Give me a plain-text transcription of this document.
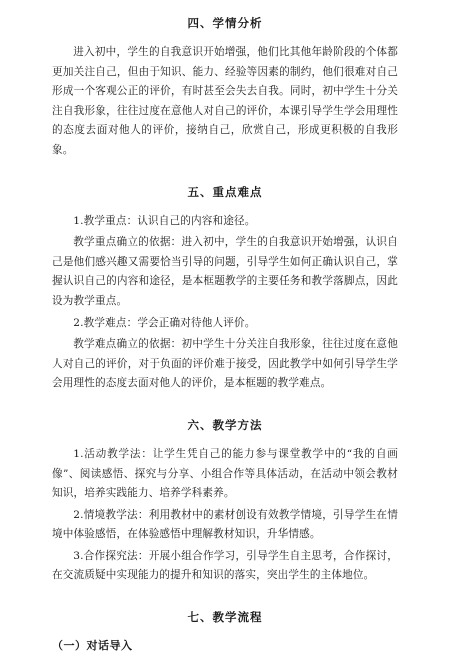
四、学情分析

进入初中，学生的自我意识开始增强，他们比其他年龄阶段的个体都更加关注自己，但由于知识、能力、经验等因素的制约，他们很难对自己形成一个客观公正的评价，有时甚至会失去自我。同时，初中学生十分关注自我形象，往往过度在意他人对自己的评价，本课引导学生学会用理性的态度去面对他人的评价，接纳自己，欣赏自己，形成更积极的自我形象。

五、重点难点

1.教学重点：认识自己的内容和途径。

教学重点确立的依据：进入初中，学生的自我意识开始增强，认识自己是他们感兴趣又需要恰当引导的问题，引导学生如何正确认识自己，掌握认识自己的内容和途径，是本框题教学的主要任务和教学落脚点，因此设为教学重点。

2.教学难点：学会正确对待他人评价。

教学难点确立的依据：初中学生十分关注自我形象，往往过度在意他人对自己的评价，对于负面的评价难于接受，因此教学中如何引导学生学会用理性的态度去面对他人的评价，是本框题的教学难点。

六、教学方法

1.活动教学法：让学生凭自己的能力参与课堂教学中的“我的自画像”、阅读感悟、探究与分享、小组合作等具体活动，在活动中领会教材知识，培养实践能力、培养学科素养。

2.情境教学法：利用教材中的素材创设有效教学情境，引导学生在情境中体验感悟，在体验感悟中理解教材知识，升华情感。

3.合作探究法：开展小组合作学习，引导学生自主思考，合作探讨，在交流质疑中实现能力的提升和知识的落实，突出学生的主体地位。

七、教学流程
（一）对话导入
